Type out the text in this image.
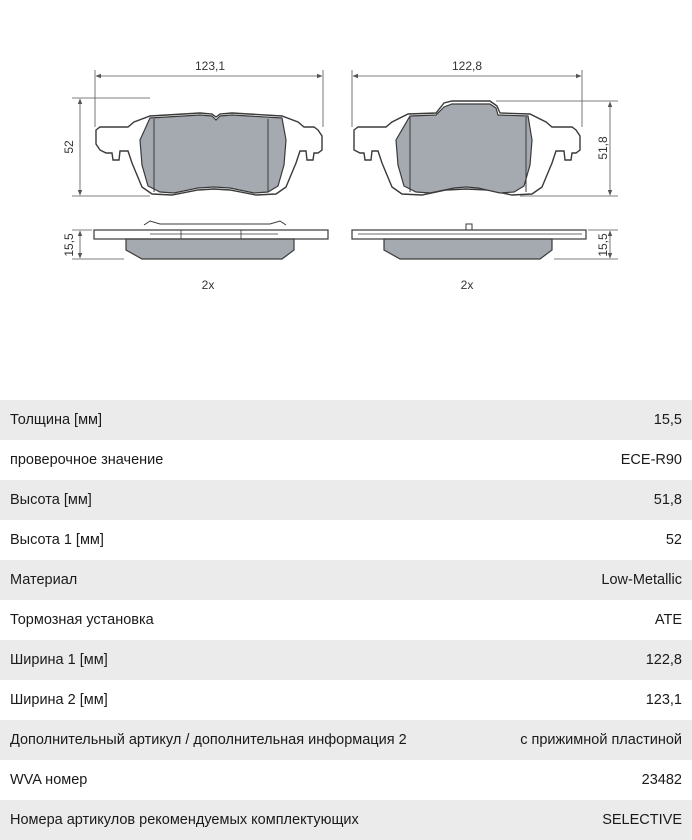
123,1
52
15,5
2x
122,8
51,8
15,5
2x
Толщина [мм]	15,5
проверочное значение	ECE-R90
Высота [мм]	51,8
Высота 1 [мм]	52
Материал	Low-Metallic
Тормозная установка	ATE
Ширина 1 [мм]	122,8
Ширина 2 [мм]	123,1
Дополнительный артикул / дополнительная информация 2	с прижимной пластиной
WVA номер	23482
Номера артикулов рекомендуемых комплектующих	SELECTIVE
